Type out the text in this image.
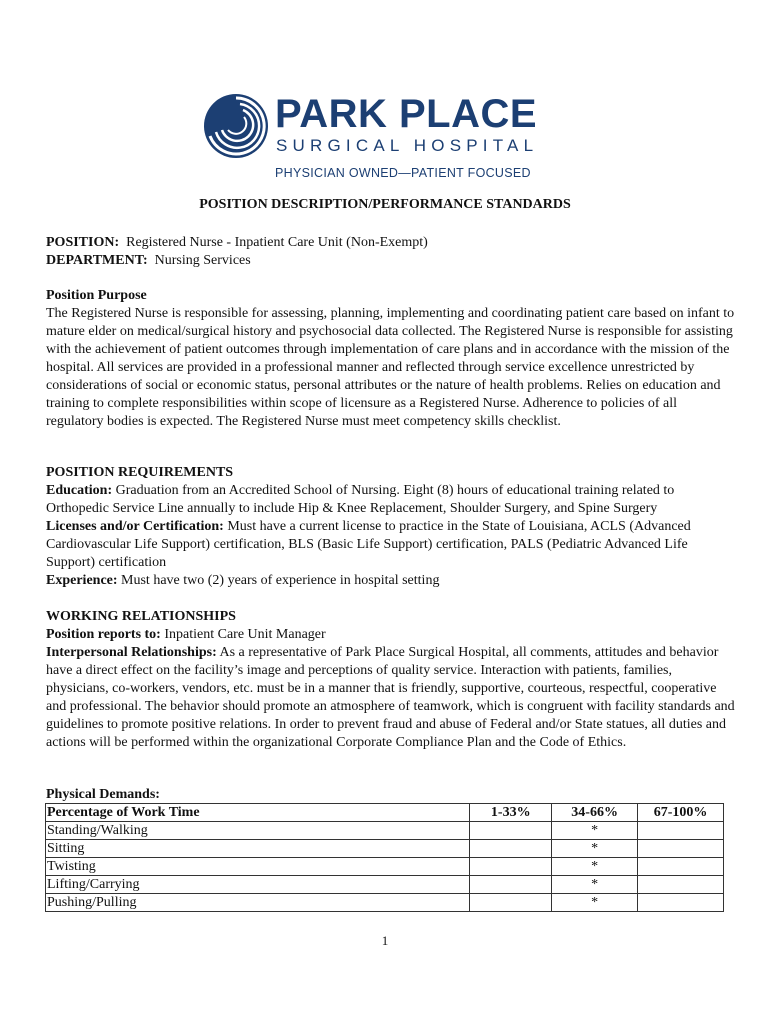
PARK PLACE
SURGICAL HOSPITAL
PHYSICIAN OWNED—PATIENT FOCUSED
POSITION DESCRIPTION/PERFORMANCE STANDARDS

POSITION: Registered Nurse - Inpatient Care Unit (Non-Exempt)

DEPARTMENT: Nursing Services

Position Purpose

The Registered Nurse is responsible for assessing, planning, implementing and coordinating patient care based on infant to mature elder on medical/surgical history and psychosocial data collected. The Registered Nurse is responsible for assisting with the achievement of patient outcomes through implementation of care plans and in accordance with the mission of the hospital. All services are provided in a professional manner and reflected through service excellence unrestricted by considerations of social or economic status, personal attributes or the nature of health problems. Relies on education and training to complete responsibilities within scope of licensure as a Registered Nurse. Adherence to policies of all regulatory bodies is expected. The Registered Nurse must meet competency skills checklist.

POSITION REQUIREMENTS

Education: Graduation from an Accredited School of Nursing. Eight (8) hours of educational training related to Orthopedic Service Line annually to include Hip & Knee Replacement, Shoulder Surgery, and Spine Surgery

Licenses and/or Certification: Must have a current license to practice in the State of Louisiana, ACLS (Advanced Cardiovascular Life Support) certification, BLS (Basic Life Support) certification, PALS (Pediatric Advanced Life Support) certification

Experience: Must have two (2) years of experience in hospital setting

WORKING RELATIONSHIPS

Position reports to: Inpatient Care Unit Manager

Interpersonal Relationships: As a representative of Park Place Surgical Hospital, all comments, attitudes and behavior have a direct effect on the facility’s image and perceptions of quality service. Interaction with patients, families, physicians, co-workers, vendors, etc. must be in a manner that is friendly, supportive, courteous, respectful, cooperative and professional. The behavior should promote an atmosphere of teamwork, which is congruent with facility standards and guidelines to promote positive relations. In order to prevent fraud and abuse of Federal and/or State statues, all duties and actions will be performed within the organizational Corporate Compliance Plan and the Code of Ethics.

Physical Demands:

Percentage of Work Time	1-33%	34-66%	67-100%
Standing/Walking		*	
Sitting		*	
Twisting		*	
Lifting/Carrying		*	
Pushing/Pulling		*	
1
